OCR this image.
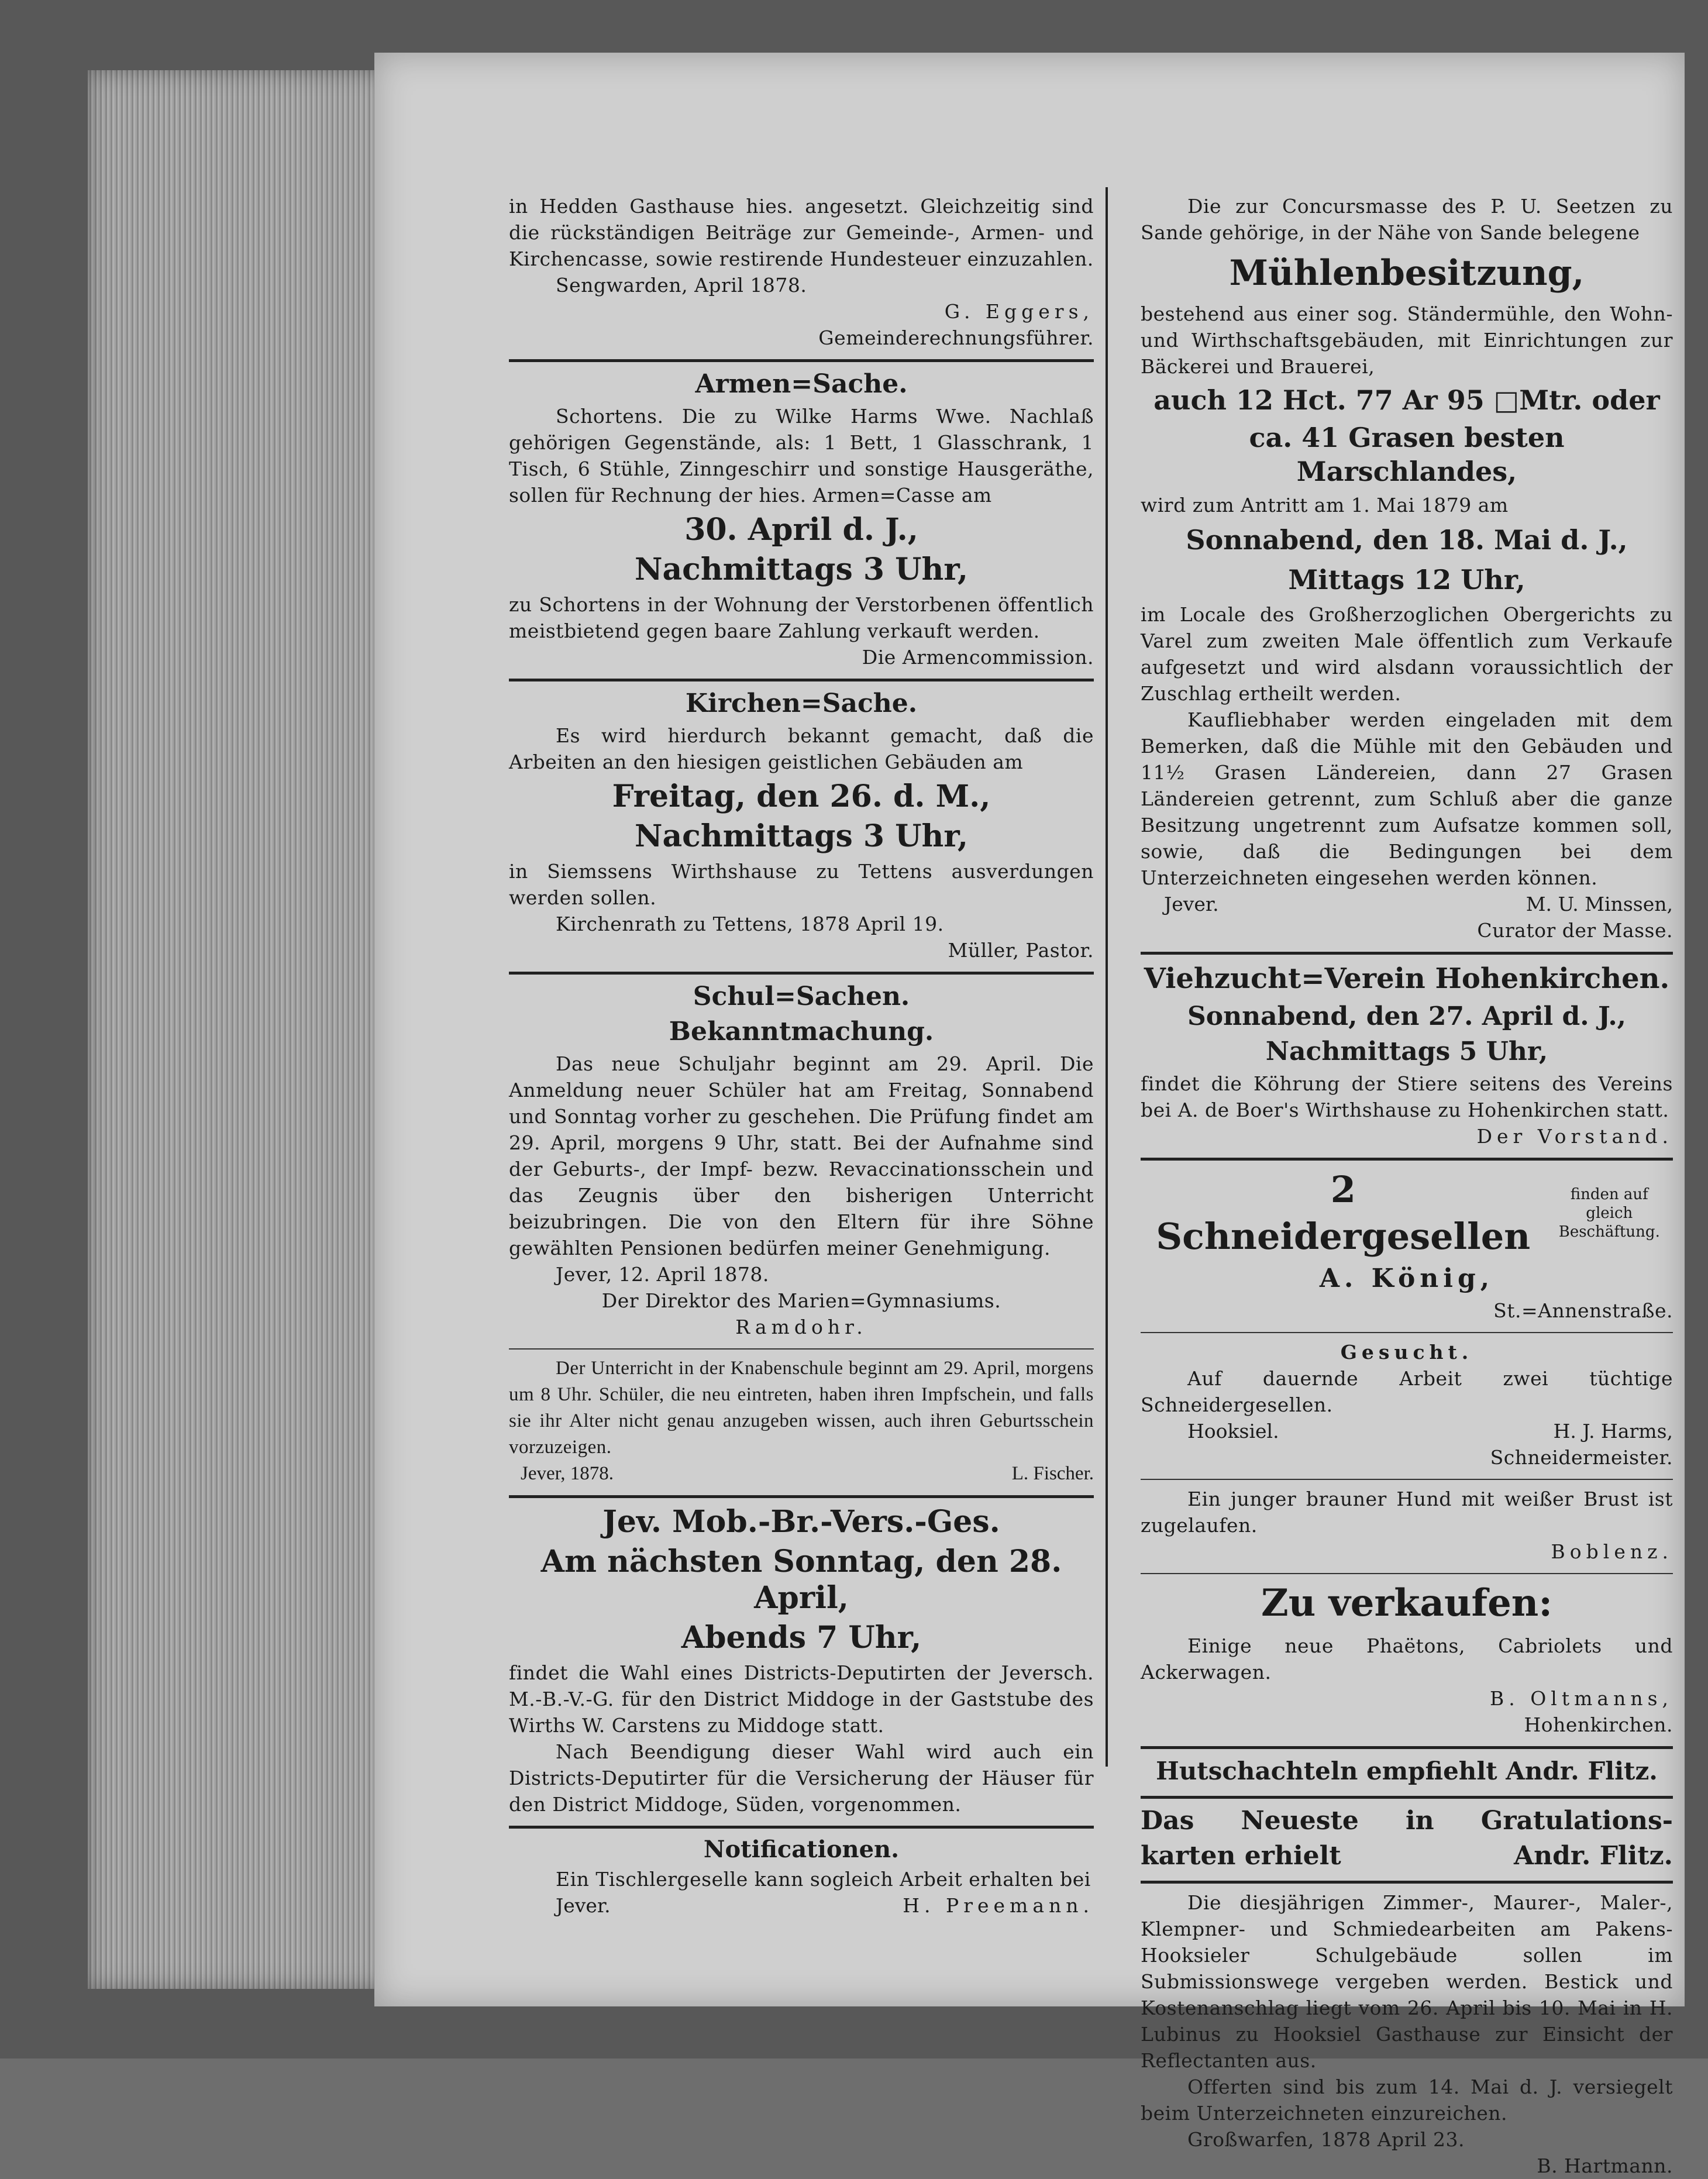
in Hedden Gasthause hies. angesetzt. Gleichzeitig sind die rückständigen Beiträge zur Gemeinde-, Armen- und Kirchencasse, sowie restirende Hundesteuer einzuzahlen.

Sengwarden, April 1878.

G. Eggers,

Gemeinderechnungsführer.

Armen=Sache.

Schortens. Die zu Wilke Harms Wwe. Nachlaß gehörigen Gegenstände, als: 1 Bett, 1 Glasschrank, 1 Tisch, 6 Stühle, Zinngeschirr und sonstige Hausgeräthe, sollen für Rechnung der hies. Armen=Casse am

30. April d. J.,

Nachmittags 3 Uhr,

zu Schortens in der Wohnung der Verstorbenen öffentlich meistbietend gegen baare Zahlung verkauft werden.

Die Armencommission.

Kirchen=Sache.

Es wird hierdurch bekannt gemacht, daß die Arbeiten an den hiesigen geistlichen Gebäuden am

Freitag, den 26. d. M.,

Nachmittags 3 Uhr,

in Siemssens Wirthshause zu Tettens ausverdungen werden sollen.

Kirchenrath zu Tettens, 1878 April 19.

Müller, Pastor.

Schul=Sachen.

Bekanntmachung.

Das neue Schuljahr beginnt am 29. April. Die Anmeldung neuer Schüler hat am Freitag, Sonnabend und Sonntag vorher zu geschehen. Die Prüfung findet am 29. April, morgens 9 Uhr, statt. Bei der Aufnahme sind der Geburts-, der Impf- bezw. Revaccinationsschein und das Zeugnis über den bisherigen Unterricht beizubringen. Die von den Eltern für ihre Söhne gewählten Pensionen bedürfen meiner Genehmigung.

Jever, 12. April 1878.

Der Direktor des Marien=Gymnasiums.

Ramdohr.

Der Unterricht in der Knabenschule beginnt am 29. April, morgens um 8 Uhr. Schüler, die neu eintreten, haben ihren Impfschein, und falls sie ihr Alter nicht genau anzugeben wissen, auch ihren Geburtsschein vorzuzeigen.

Jever, 1878.	L. Fischer.

Jev. Mob.-Br.-Vers.-Ges.

Am nächsten Sonntag, den 28. April,

Abends 7 Uhr,

findet die Wahl eines Districts-Deputirten der Jeversch. M.-B.-V.-G. für den District Middoge in der Gaststube des Wirths W. Carstens zu Middoge statt.

Nach Beendigung dieser Wahl wird auch ein Districts-Deputirter für die Versicherung der Häuser für den District Middoge, Süden, vorgenommen.

Notificationen.

Ein Tischlergeselle kann sogleich Arbeit erhalten bei

Jever.	H. Preemann.

Die zur Concursmasse des P. U. Seetzen zu Sande gehörige, in der Nähe von Sande belegene

Mühlenbesitzung,

bestehend aus einer sog. Ständermühle, den Wohn- und Wirthschaftsgebäuden, mit Einrichtungen zur Bäckerei und Brauerei,

auch 12 Hct. 77 Ar 95 □Mtr. oder

ca. 41 Grasen besten Marschlandes,

wird zum Antritt am 1. Mai 1879 am

Sonnabend, den 18. Mai d. J.,

Mittags 12 Uhr,

im Locale des Großherzoglichen Obergerichts zu Varel zum zweiten Male öffentlich zum Verkaufe aufgesetzt und wird alsdann voraussichtlich der Zuschlag ertheilt werden.

Kaufliebhaber werden eingeladen mit dem Bemerken, daß die Mühle mit den Gebäuden und 11½ Grasen Ländereien, dann 27 Grasen Ländereien getrennt, zum Schluß aber die ganze Besitzung ungetrennt zum Aufsatze kommen soll, sowie, daß die Bedingungen bei dem Unterzeichneten eingesehen werden können.

Jever.	M. U. Minssen,

Curator der Masse.

Viehzucht=Verein Hohenkirchen.

Sonnabend, den 27. April d. J.,

Nachmittags 5 Uhr,

findet die Köhrung der Stiere seitens des Vereins bei A. de Boer's Wirthshause zu Hohenkirchen statt.

Der Vorstand.

2 Schneidergesellen
finden auf gleich
Beschäftung.

A. König,

St.=Annenstraße.

Gesucht.

Auf dauernde Arbeit zwei tüchtige Schneidergesellen.

Hooksiel.	H. J. Harms,

Schneidermeister.

Ein junger brauner Hund mit weißer Brust ist zugelaufen.

Boblenz.

Zu verkaufen:

Einige neue Phaëtons, Cabriolets und Ackerwagen.

B. Oltmanns,

Hohenkirchen.

Hutschachteln empfiehlt Andr. Flitz.

Das Neueste in Gratulations-

karten erhielt	Andr. Flitz.

Die diesjährigen Zimmer-, Maurer-, Maler-, Klempner- und Schmiedearbeiten am Pakens-Hooksieler Schulgebäude sollen im Submissionswege vergeben werden. Bestick und Kostenanschlag liegt vom 26. April bis 10. Mai in H. Lubinus zu Hooksiel Gasthause zur Einsicht der Reflectanten aus.

Offerten sind bis zum 14. Mai d. J. versiegelt beim Unterzeichneten einzureichen.

Großwarfen, 1878 April 23.

B. Hartmann.
